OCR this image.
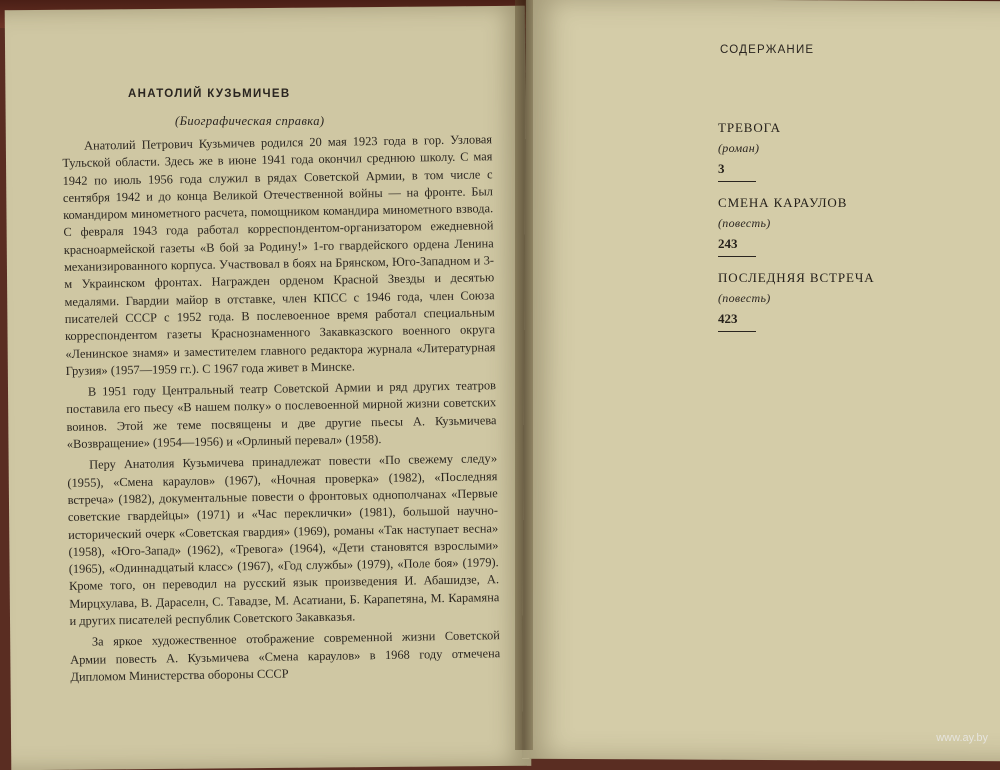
АНАТОЛИЙ КУЗЬМИЧЕВ
(Биографическая справка)

Анатолий Петрович Кузьмичев родился 20 мая 1923 года в гор. Узловая Тульской области. Здесь же в июне 1941 года окончил среднюю школу. С мая 1942 по июль 1956 года служил в рядах Советской Армии, в том числе с сентября 1942 и до конца Великой Отечественной войны — на фронте. Был командиром минометного расчета, помощником командира минометного взвода. С февраля 1943 года работал корреспондентом-организатором ежедневной красноармейской газеты «В бой за Родину!» 1-го гвардейского ордена Ленина механизированного корпуса. Участвовал в боях на Брянском, Юго-Западном и 3-м Украинском фронтах. Награжден орденом Красной Звезды и десятью медалями. Гвардии майор в отставке, член КПСС с 1946 года, член Союза писателей СССР с 1952 года. В послевоенное время работал специальным корреспондентом газеты Краснознаменного Закавказского военного округа «Ленинское знамя» и заместителем главного редактора журнала «Литературная Грузия» (1957—1959 гг.). С 1967 года живет в Минске.

В 1951 году Центральный театр Советской Армии и ряд других театров поставила его пьесу «В нашем полку» о послевоенной мирной жизни советских воинов. Этой же теме посвящены и две другие пьесы А. Кузьмичева «Возвращение» (1954—1956) и «Орлиный перевал» (1958).

Перу Анатолия Кузьмичева принадлежат повести «По свежему следу» (1955), «Смена караулов» (1967), «Ночная проверка» (1982), «Последняя встреча» (1982), документальные повести о фронтовых однополчанах «Первые советские гвардейцы» (1971) и «Час переклички» (1981), большой научно-исторический очерк «Советская гвардия» (1969), романы «Так наступает весна» (1958), «Юго-Запад» (1962), «Тревога» (1964), «Дети становятся взрослыми» (1965), «Одиннадцатый класс» (1967), «Год службы» (1979), «Поле боя» (1979). Кроме того, он переводил на русский язык произведения И. Абашидзе, А. Мирцхулава, В. Дараселн, С. Тавадзе, М. Асатиани, Б. Карапетяна, М. Карамяна и других писателей республик Советского Закавказья.

За яркое художественное отображение современной жизни Советской Армии повесть А. Кузьмичева «Смена караулов» в 1968 году отмечена Дипломом Министерства обороны СССР

СОДЕРЖАНИЕ
ТРЕВОГА
(роман)
3
СМЕНА КАРАУЛОВ
(повесть)
243
ПОСЛЕДНЯЯ ВСТРЕЧА
(повесть)
423
www.ay.by
